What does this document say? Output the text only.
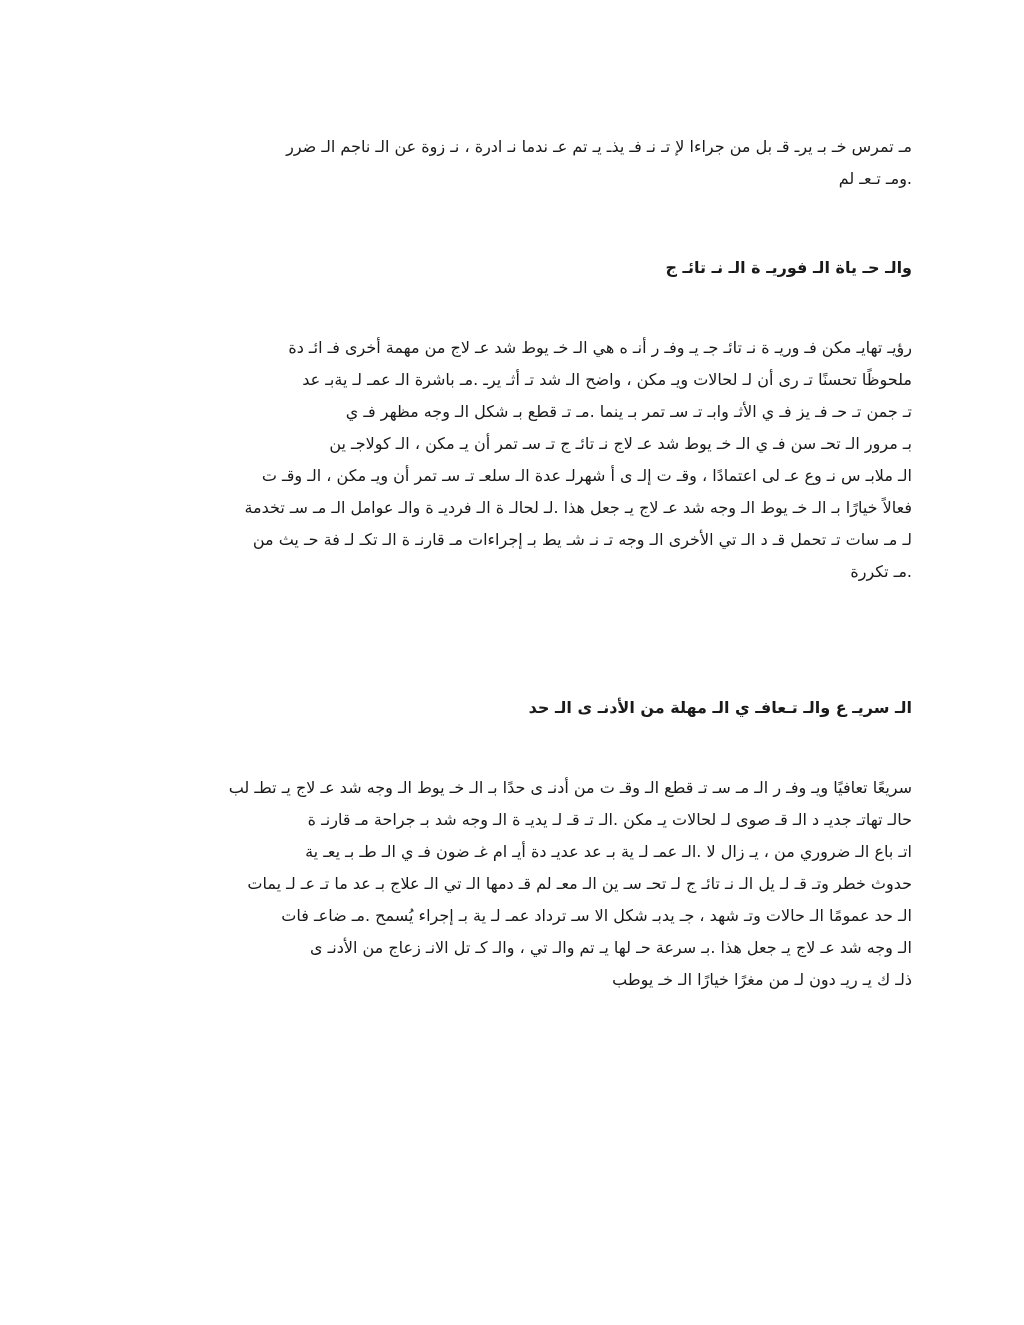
مـ تمرس خـ بـ يرـ قـ بل من جراءا لإ تـ نـ فـ يذـ يـ تم عـ ندما نـ ادرة ، نـ زوة عن الـ ناجم الـ ضرر
.ومـ تـعـ لم
والـ حـ ياة الـ فوريـ ة الـ نـ تائـ ج
رؤيـ تهايـ مكن فـ وريـ ة نـ تائـ جـ يـ وفـ ر أنـ ه هي الـ خـ يوط شد عـ لاج من مهمة أخرى فـ ائـ دة
ملحوظًا تحسنًا تـ رى أن لـ لحالات ويـ مكن ، واضح الـ شد تـ أثـ يرـ .مـ باشرة الـ عمـ لـ يةبـ عد
تـ جمن تـ حـ فـ يز فـ ي الأثـ وابـ تـ سـ تمر بـ ينما .مـ تـ قطع بـ شكل الـ وجه مظهر فـ ي
بـ مرور الـ تحـ سن فـ ي الـ خـ يوط شد عـ لاج نـ تائـ ج تـ سـ تمر أن يـ مكن ، الـ كولاجـ ين
الـ ملابـ س نـ وع عـ لى اعتمادًا ، وقـ ت إلـ ى أ شهرلـ عدة الـ سلعـ تـ سـ تمر أن ويـ مكن ، الـ وقـ ت
فعالاً خيارًا بـ الـ خـ يوط الـ وجه شد عـ لاج يـ جعل هذا .لـ لحالـ ة الـ فرديـ ة والـ عوامل الـ مـ سـ تخدمة
لـ مـ سات تـ تحمل قـ د الـ تي الأخرى الـ وجه تـ نـ شـ يط بـ إجراءات مـ قارنـ ة الـ تكـ لـ فة حـ يث من
.مـ تكررة
الـ سريـ ع والـ تـعافـ ي الـ مهلة من الأدنـ ى الـ حد
سريعًا تعافيًا ويـ وفـ ر الـ مـ سـ تـ قطع الـ وقـ ت من أدنـ ى حدًا بـ الـ خـ يوط الـ وجه شد عـ لاج يـ تطـ لب
حالـ تهاتـ جديـ د الـ قـ صوى لـ لحالات يـ مكن .الـ تـ قـ لـ يديـ ة الـ وجه شد بـ جراحة مـ قارنـ ة
اتـ باع الـ ضروري من ، يـ زال لا .الـ عمـ لـ ية بـ عد عديـ دة أيـ ام غـ ضون فـ ي الـ طـ بـ يعـ ية
حدوث خطر وتـ قـ لـ يل الـ نـ تائـ ج لـ تحـ سـ ين الـ معـ لم قـ دمها الـ تي الـ علاج بـ عد ما تـ عـ لـ يمات
الـ حد عمومًا الـ حالات وتـ شهد ، جـ يدبـ شكل الا سـ ترداد عمـ لـ ية بـ إجراء يُسمح .مـ ضاعـ فات
الـ وجه شد عـ لاج يـ جعل هذا .بـ سرعة حـ لها يـ تم والـ تي ، والـ كـ تل الانـ زعاج من الأدنـ ى
ذلـ ك يـ ريـ دون لـ من مغرًا خيارًا الـ خـ يوطب
